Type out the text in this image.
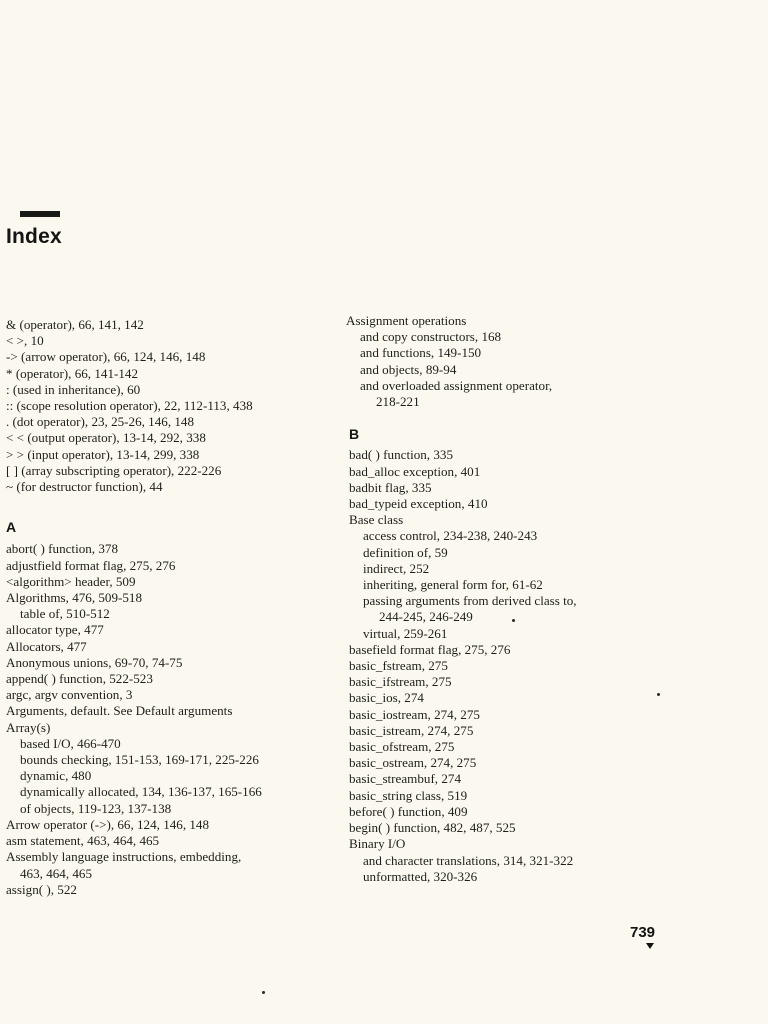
Index
& (operator), 66, 141, 142
< >, 10
-> (arrow operator), 66, 124, 146, 148
* (operator), 66, 141-142
: (used in inheritance), 60
:: (scope resolution operator), 22, 112-113, 438
. (dot operator), 23, 25-26, 146, 148
< < (output operator), 13-14, 292, 338
> > (input operator), 13-14, 299, 338
[ ] (array subscripting operator), 222-226
~ (for destructor function), 44
A
abort( ) function, 378
adjustfield format flag, 275, 276
<algorithm> header, 509
Algorithms, 476, 509-518
table of, 510-512
allocator type, 477
Allocators, 477
Anonymous unions, 69-70, 74-75
append( ) function, 522-523
argc, argv convention, 3
Arguments, default. See Default arguments
Array(s)
based I/O, 466-470
bounds checking, 151-153, 169-171, 225-226
dynamic, 480
dynamically allocated, 134, 136-137, 165-166
of objects, 119-123, 137-138
Arrow operator (->), 66, 124, 146, 148
asm statement, 463, 464, 465
Assembly language instructions, embedding,
463, 464, 465
assign( ), 522
Assignment operations
and copy constructors, 168
and functions, 149-150
and objects, 89-94
and overloaded assignment operator,
218-221
B
bad( ) function, 335
bad_alloc exception, 401
badbit flag, 335
bad_typeid exception, 410
Base class
access control, 234-238, 240-243
definition of, 59
indirect, 252
inheriting, general form for, 61-62
passing arguments from derived class to,
244-245, 246-249
virtual, 259-261
basefield format flag, 275, 276
basic_fstream, 275
basic_ifstream, 275
basic_ios, 274
basic_iostream, 274, 275
basic_istream, 274, 275
basic_ofstream, 275
basic_ostream, 274, 275
basic_streambuf, 274
basic_string class, 519
before( ) function, 409
begin( ) function, 482, 487, 525
Binary I/O
and character translations, 314, 321-322
unformatted, 320-326
739
